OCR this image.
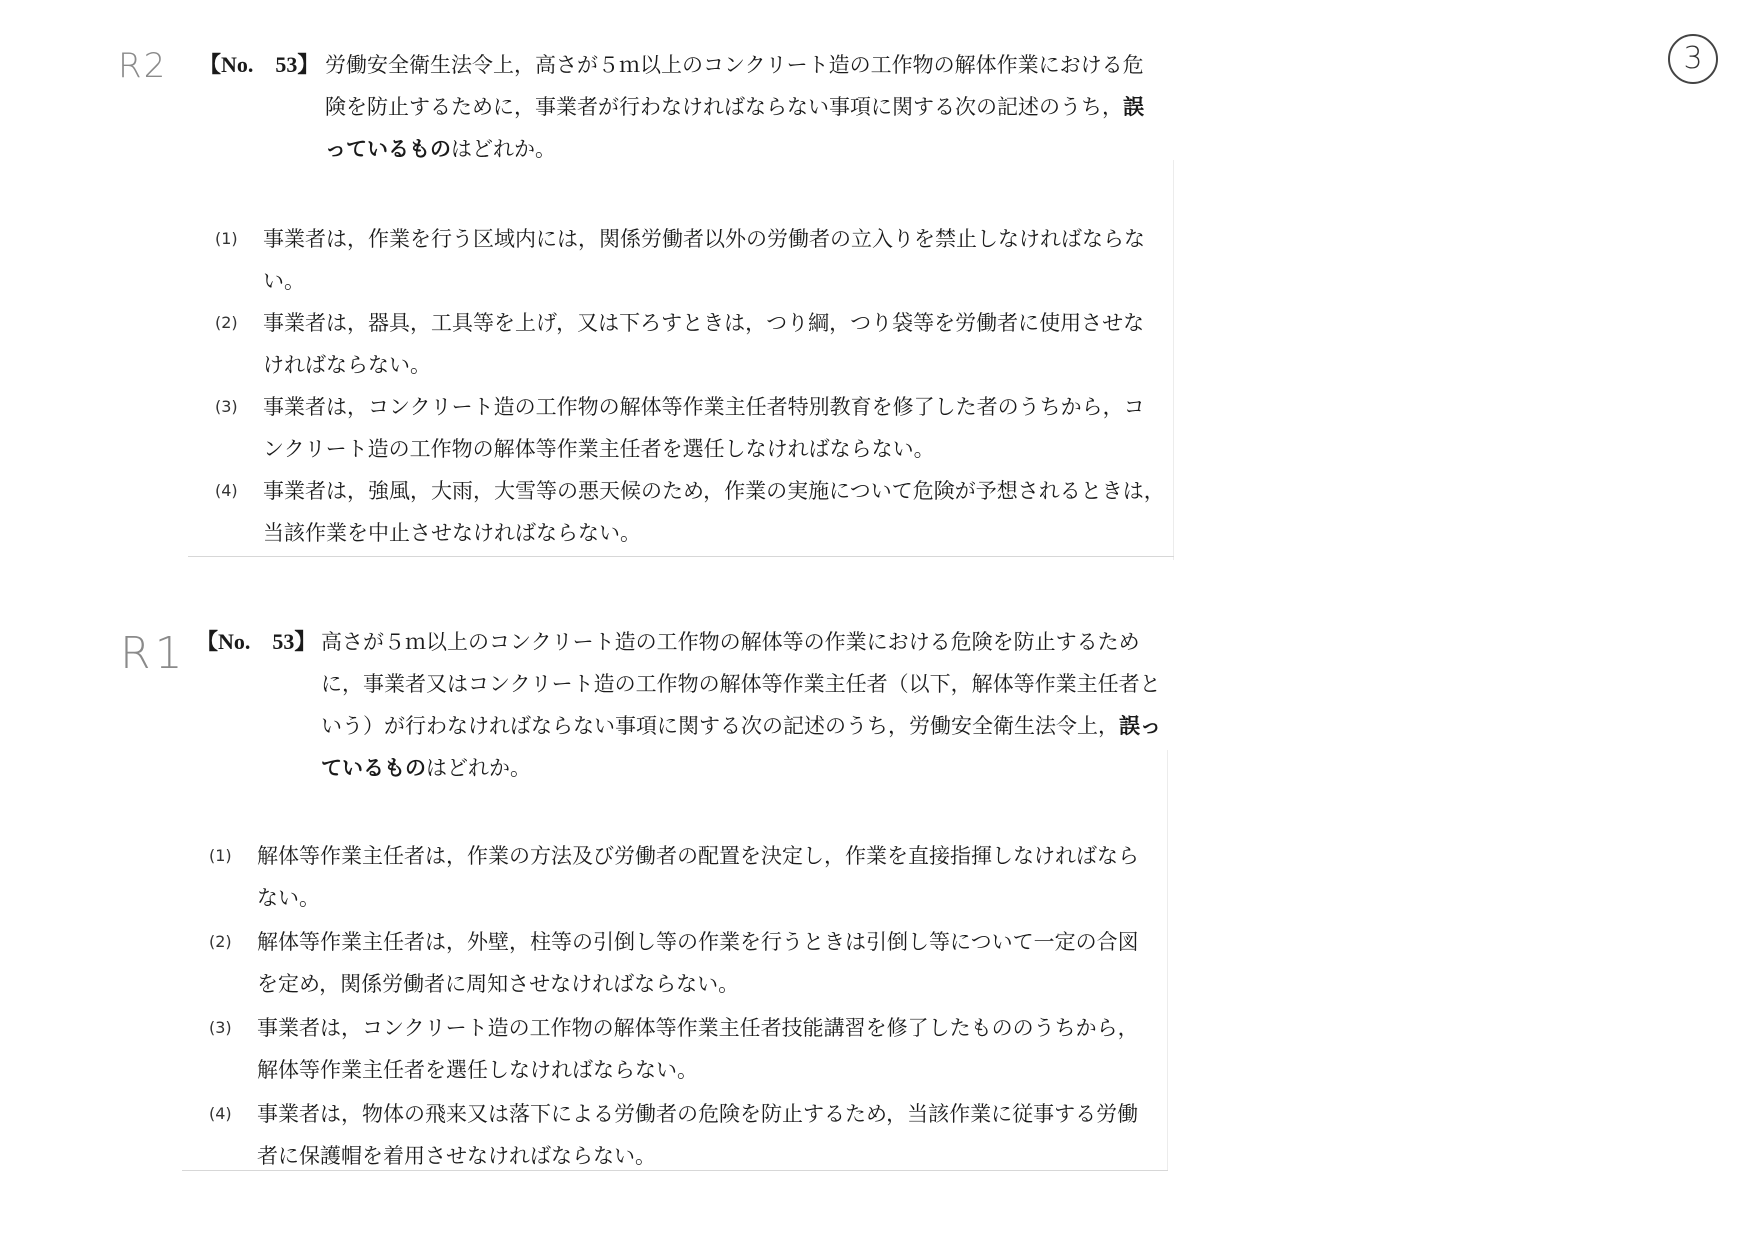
R2
R1
3
【No.　53】 労働安全衛生法令上，高さが５ｍ以上のコンクリート造の工作物の解体作業における危険を防止するために，事業者が行わなければならない事項に関する次の記述のうち，誤っているものはどれか。

(1) 事業者は，作業を行う区域内には，関係労働者以外の労働者の立入りを禁止しなければならない。
(2) 事業者は，器具，工具等を上げ，又は下ろすときは，つり綱，つり袋等を労働者に使用させなければならない。
(3) 事業者は，コンクリート造の工作物の解体等作業主任者特別教育を修了した者のうちから，コンクリート造の工作物の解体等作業主任者を選任しなければならない。
(4) 事業者は，強風，大雨，大雪等の悪天候のため，作業の実施について危険が予想されるときは，当該作業を中止させなければならない。
【No.　53】 高さが５ｍ以上のコンクリート造の工作物の解体等の作業における危険を防止するために，事業者又はコンクリート造の工作物の解体等作業主任者（以下，解体等作業主任者という）が行わなければならない事項に関する次の記述のうち，労働安全衛生法令上，誤っているものはどれか。

(1) 解体等作業主任者は，作業の方法及び労働者の配置を決定し，作業を直接指揮しなければならない。
(2) 解体等作業主任者は，外壁，柱等の引倒し等の作業を行うときは引倒し等について一定の合図を定め，関係労働者に周知させなければならない。
(3) 事業者は，コンクリート造の工作物の解体等作業主任者技能講習を修了したもののうちから，解体等作業主任者を選任しなければならない。
(4) 事業者は，物体の飛来又は落下による労働者の危険を防止するため，当該作業に従事する労働者に保護帽を着用させなければならない。
